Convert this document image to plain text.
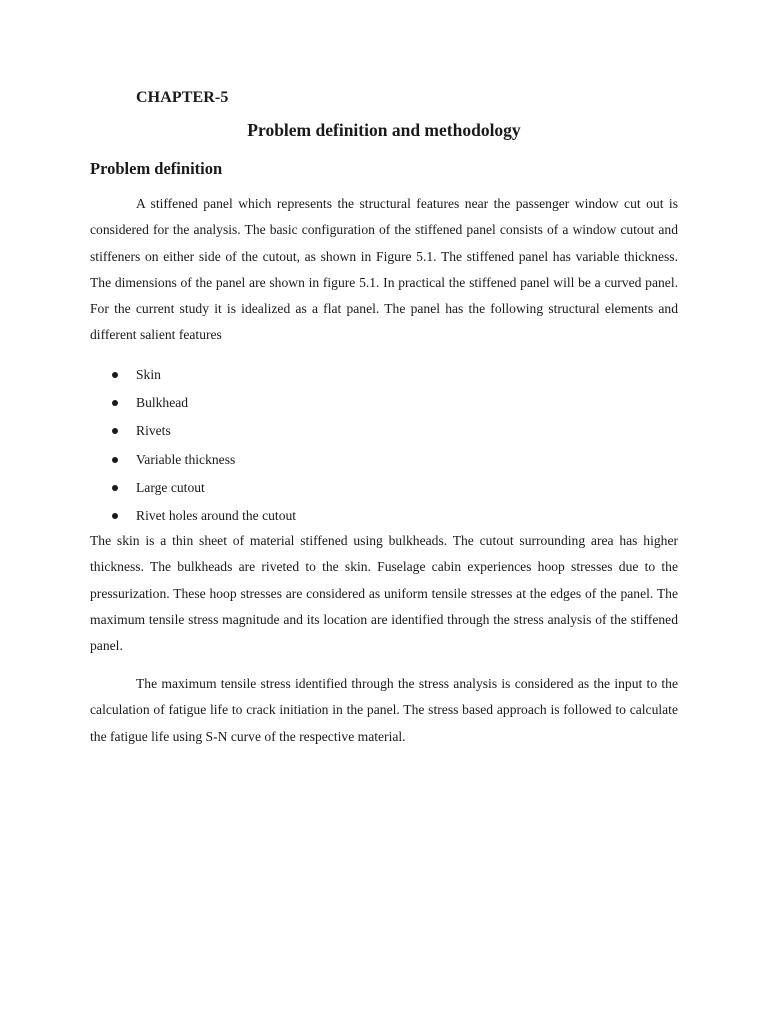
CHAPTER-5
Problem definition and methodology
Problem definition

A stiffened panel which represents the structural features near the passenger window cut out is considered for the analysis. The basic configuration of the stiffened panel consists of a window cutout and stiffeners on either side of the cutout, as shown in Figure 5.1. The stiffened panel has variable thickness. The dimensions of the panel are shown in figure 5.1. In practical the stiffened panel will be a curved panel. For the current study it is idealized as a flat panel. The panel has the following structural elements and different salient features

Skin
Bulkhead
Rivets
Variable thickness
Large cutout
Rivet holes around the cutout

The skin is a thin sheet of material stiffened using bulkheads. The cutout surrounding area has higher thickness. The bulkheads are riveted to the skin. Fuselage cabin experiences hoop stresses due to the pressurization. These hoop stresses are considered as uniform tensile stresses at the edges of the panel. The maximum tensile stress magnitude and its location are identified through the stress analysis of the stiffened panel.

The maximum tensile stress identified through the stress analysis is considered as the input to the calculation of fatigue life to crack initiation in the panel. The stress based approach is followed to calculate the fatigue life using S-N curve of the respective material.
